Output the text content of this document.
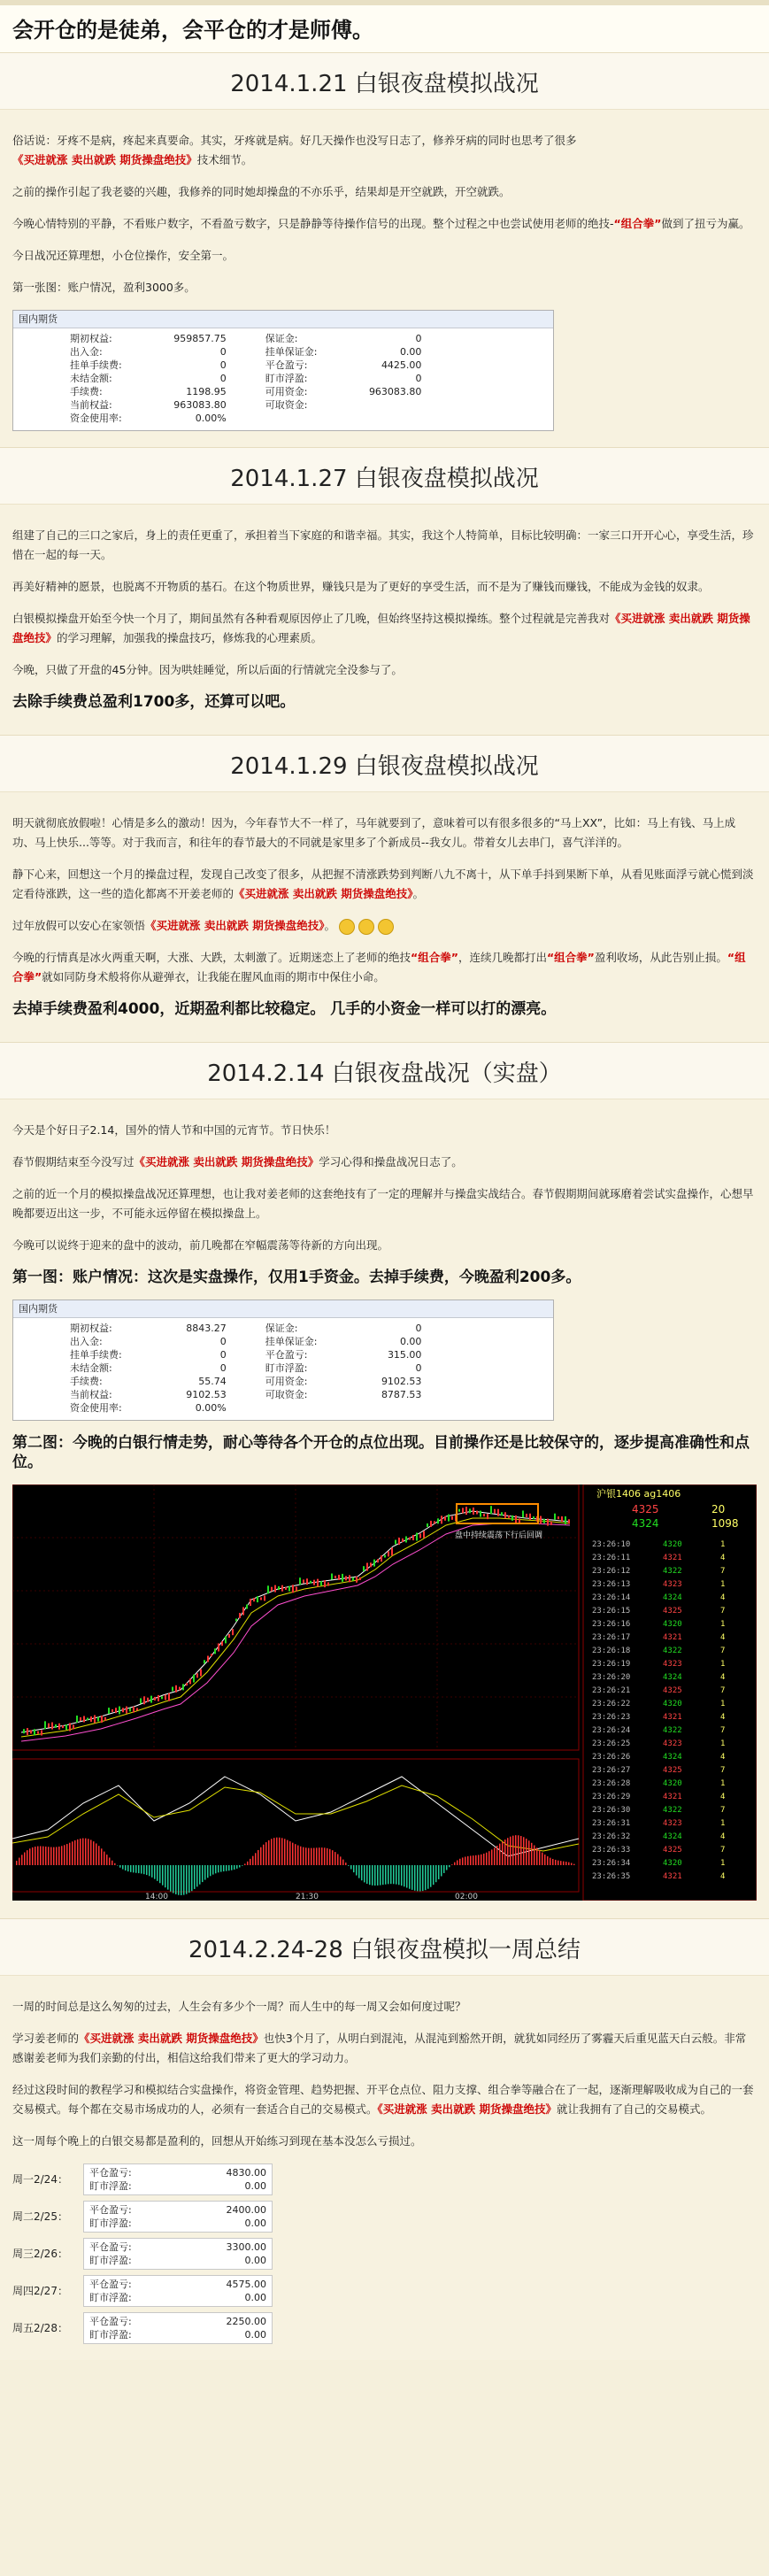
会开仓的是徒弟，会平仓的才是师傅。
2014.1.21 白银夜盘模拟战况

俗话说：牙疼不是病，疼起来真要命。其实，牙疼就是病。好几天操作也没写日志了，修养牙病的同时也思考了很多《买进就涨 卖出就跌 期货操盘绝技》技术细节。

之前的操作引起了我老婆的兴趣，我修养的同时她却操盘的不亦乐乎，结果却是开空就跌，开空就跌。

今晚心情特别的平静，不看账户数字，不看盈亏数字，只是静静等待操作信号的出现。整个过程之中也尝试使用老师的绝技-“组合拳”做到了扭亏为赢。

今日战况还算理想，小仓位操作，安全第一。

第一张图：账户情况，盈利3000多。

国内期货
期初权益:	959857.75	保证金:	0
出入金:	0	挂单保证金:	0.00
挂单手续费:	0	平仓盈亏:	4425.00
未结金额:	0	盯市浮盈:	0
手续费:	1198.95	可用资金:	963083.80
当前权益:	963083.80	可取资金:	
资金使用率:	0.00%		
2014.1.27 白银夜盘模拟战况

组建了自己的三口之家后，身上的责任更重了，承担着当下家庭的和谐幸福。其实，我这个人特简单，目标比较明确：一家三口开开心心，享受生活，珍惜在一起的每一天。

再美好精神的愿景，也脱离不开物质的基石。在这个物质世界，赚钱只是为了更好的享受生活，而不是为了赚钱而赚钱，不能成为金钱的奴隶。

白银模拟操盘开始至今快一个月了，期间虽然有各种看观原因停止了几晚，但始终坚持这模拟操练。整个过程就是完善我对《买进就涨 卖出就跌 期货操盘绝技》的学习理解，加强我的操盘技巧，修炼我的心理素质。

今晚，只做了开盘的45分钟。因为哄娃睡觉，所以后面的行情就完全没参与了。

去除手续费总盈利1700多，还算可以吧。

2014.1.29 白银夜盘模拟战况

明天就彻底放假啦！心情是多么的激动！因为，今年春节大不一样了，马年就要到了，意味着可以有很多很多的“马上XX”，比如：马上有钱、马上成功、马上快乐...等等。对于我而言，和往年的春节最大的不同就是家里多了个新成员--我女儿。带着女儿去串门，喜气洋洋的。

静下心来，回想这一个月的操盘过程，发现自己改变了很多，从把握不清涨跌势到判断八九不离十，从下单手抖到果断下单，从看见账面浮亏就心慌到淡定看待涨跌，这一些的造化都离不开姜老师的《买进就涨 卖出就跌 期货操盘绝技》。

过年放假可以安心在家领悟《买进就涨 卖出就跌 期货操盘绝技》。

今晚的行情真是冰火两重天啊，大涨、大跌，太刺激了。近期迷恋上了老师的绝技“组合拳”，连续几晚都打出“组合拳”盈利收场，从此告别止损。“组合拳”就如同防身术般将你从避弹衣，让我能在腥风血雨的期市中保住小命。

去掉手续费盈利4000，近期盈利都比较稳定。 几手的小资金一样可以打的漂亮。

2014.2.14 白银夜盘战况（实盘）

今天是个好日子2.14，国外的情人节和中国的元宵节。节日快乐！

春节假期结束至今没写过《买进就涨 卖出就跌 期货操盘绝技》学习心得和操盘战况日志了。

之前的近一个月的模拟操盘战况还算理想，也让我对姜老师的这套绝技有了一定的理解并与操盘实战结合。春节假期期间就琢磨着尝试实盘操作，心想早晚都要迈出这一步，不可能永远停留在模拟操盘上。

今晚可以说终于迎来的盘中的波动，前几晚都在窄幅震荡等待新的方向出现。

第一图：账户情况：这次是实盘操作，仅用1手资金。去掉手续费，今晚盈利200多。

国内期货
期初权益:	8843.27	保证金:	0
出入金:	0	挂单保证金:	0.00
挂单手续费:	0	平仓盈亏:	315.00
未结金额:	0	盯市浮盈:	0
手续费:	55.74	可用资金:	9102.53
当前权益:	9102.53	可取资金:	8787.53
资金使用率:	0.00%		

第二图：今晚的白银行情走势，耐心等待各个开仓的点位出现。目前操作还是比较保守的，逐步提高准确性和点位。

盘中持续震荡下行后回调
14:00	21:30	02:00
沪银1406 ag1406
4325	20
4324	1098
23:26:10	4320	1
23:26:11	4321	4
23:26:12	4322	7
23:26:13	4323	1
23:26:14	4324	4
23:26:15	4325	7
23:26:16	4320	1
23:26:17	4321	4
23:26:18	4322	7
23:26:19	4323	1
23:26:20	4324	4
23:26:21	4325	7
23:26:22	4320	1
23:26:23	4321	4
23:26:24	4322	7
23:26:25	4323	1
23:26:26	4324	4
23:26:27	4325	7
23:26:28	4320	1
23:26:29	4321	4
23:26:30	4322	7
23:26:31	4323	1
23:26:32	4324	4
23:26:33	4325	7
23:26:34	4320	1
23:26:35	4321	4
2014.2.24-28 白银夜盘模拟一周总结

一周的时间总是这么匆匆的过去，人生会有多少个一周？而人生中的每一周又会如何度过呢？

学习姜老师的《买进就涨 卖出就跌 期货操盘绝技》也快3个月了，从明白到混沌，从混沌到豁然开朗，就犹如同经历了雾霾天后重见蓝天白云般。非常感谢姜老师为我们亲勤的付出，相信这给我们带来了更大的学习动力。

经过这段时间的教程学习和模拟结合实盘操作，将资金管理、趋势把握、开平仓点位、阻力支撑、组合拳等融合在了一起，逐渐理解吸收成为自己的一套交易模式。每个都在交易市场成功的人，必须有一套适合自己的交易模式。《买进就涨 卖出就跌 期货操盘绝技》就让我拥有了自己的交易模式。

这一周每个晚上的白银交易都是盈利的，回想从开始练习到现在基本没怎么亏损过。

周一2/24：
平仓盈亏:	4830.00
盯市浮盈:	0.00
周二2/25：
平仓盈亏:	2400.00
盯市浮盈:	0.00
周三2/26：
平仓盈亏:	3300.00
盯市浮盈:	0.00
周四2/27：
平仓盈亏:	4575.00
盯市浮盈:	0.00
周五2/28：
平仓盈亏:	2250.00
盯市浮盈:	0.00
